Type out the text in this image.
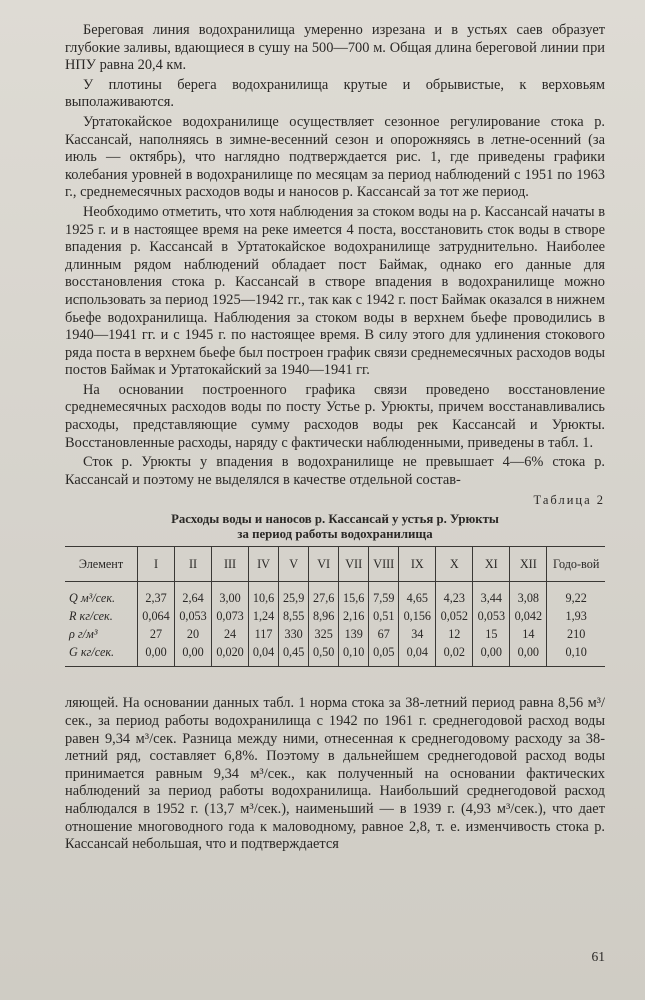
Береговая линия водохранилища умеренно изрезана и в устьях саев образует глубокие заливы, вдающиеся в сушу на 500—700 м. Общая длина береговой линии при НПУ равна 20,4 км.

У плотины берега водохранилища крутые и обрывистые, к верховьям выполаживаются.

Уртатокайское водохранилище осуществляет сезонное регулирование стока р. Кассансай, наполняясь в зимне-весенний сезон и опорожняясь в летне-осенний (за июль — октябрь), что наглядно подтверждается рис. 1, где приведены графики колебания уровней в водохранилище по месяцам за период наблюдений с 1951 по 1963 г., среднемесячных расходов воды и наносов р. Кассансай за тот же период.

Необходимо отметить, что хотя наблюдения за стоком воды на р. Кассансай начаты в 1925 г. и в настоящее время на реке имеется 4 поста, восстановить сток воды в створе впадения р. Кассансай в Уртатокайское водохранилище затруднительно. Наиболее длинным рядом наблюдений обладает пост Баймак, однако его данные для восстановления стока р. Кассансай в створе впадения в водохранилище можно использовать за период 1925—1942 гг., так как с 1942 г. пост Баймак оказался в нижнем бьефе водохранилища. Наблюдения за стоком воды в верхнем бьефе проводились в 1940—1941 гг. и с 1945 г. по настоящее время. В силу этого для удлинения стокового ряда поста в верхнем бьефе был построен график связи среднемесячных расходов воды постов Баймак и Уртатокайский за 1940—1941 гг.

На основании построенного графика связи проведено восстановление среднемесячных расходов воды по посту Устье р. Урюкты, причем восстанавливались расходы, представляющие сумму расходов воды рек Кассансай и Урюкты. Восстановленные расходы, наряду с фактически наблюденными, приведены в табл. 1.

Сток р. Урюкты у впадения в водохранилище не превышает 4—6% стока р. Кассансай и поэтому не выделялся в качестве отдельной состав-

Таблица 2
Расходы воды и наносов р. Кассансай у устья р. Урюкты
за период работы водохранилища
Элемент	I	II	III	IV	V	VI	VII	VIII	IX	X	XI	XII	Годо-вой
Q м³/сек.	2,37	2,64	3,00	10,6	25,9	27,6	15,6	7,59	4,65	4,23	3,44	3,08	9,22
R кг/сек.	0,064	0,053	0,073	1,24	8,55	8,96	2,16	0,51	0,156	0,052	0,053	0,042	1,93
ρ г/м³	27	20	24	117	330	325	139	67	34	12	15	14	210
G кг/сек.	0,00	0,00	0,020	0,04	0,45	0,50	0,10	0,05	0,04	0,02	0,00	0,00	0,10

ляющей. На основании данных табл. 1 норма стока за 38-летний период равна 8,56 м³/сек., за период работы водохранилища с 1942 по 1961 г. среднегодовой расход воды равен 9,34 м³/сек. Разница между ними, отнесенная к среднегодовому расходу за 38-летний ряд, составляет 6,8%. Поэтому в дальнейшем среднегодовой расход воды принимается равным 9,34 м³/сек., как полученный на основании фактических наблюдений за период работы водохранилища. Наибольший среднегодовой расход наблюдался в 1952 г. (13,7 м³/сек.), наименьший — в 1939 г. (4,93 м³/сек.), что дает отношение многоводного года к маловодному, равное 2,8, т. е. изменчивость стока р. Кассансай небольшая, что и подтверждается

61
